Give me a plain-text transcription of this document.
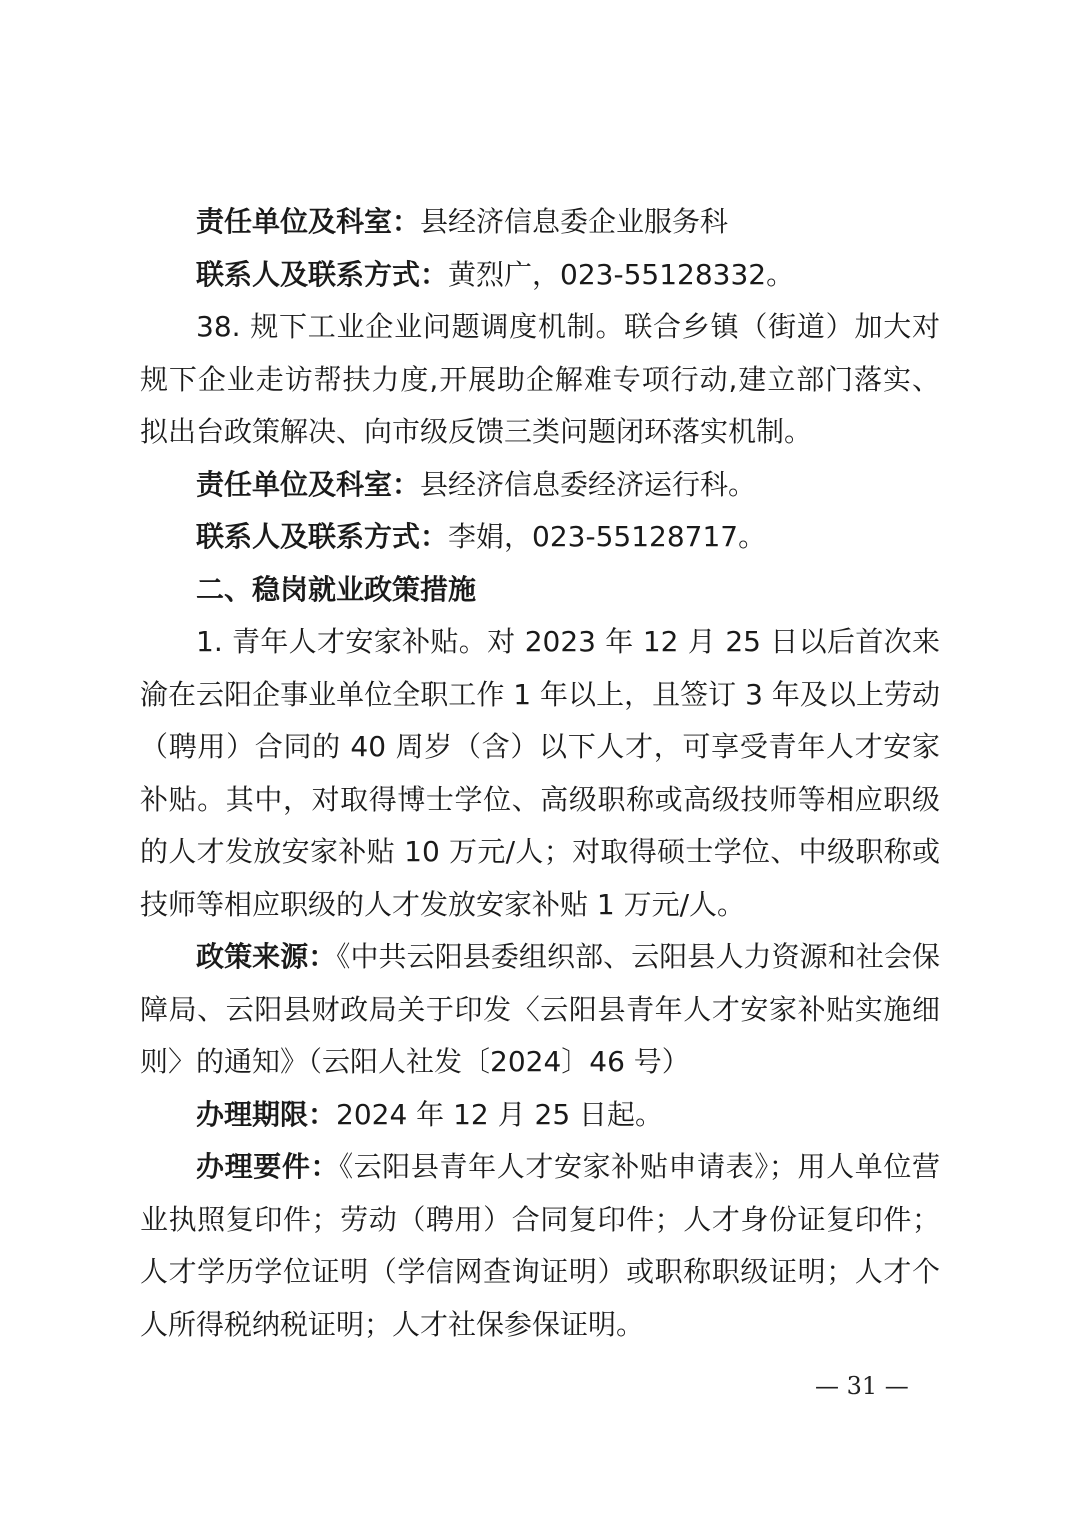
责任单位及科室：县经济信息委企业服务科

联系人及联系方式：黄烈广，023-55128332。

38. 规下工业企业问题调度机制。联合乡镇（街道）加大对规下企业走访帮扶力度,开展助企解难专项行动,建立部门落实、拟出台政策解决、向市级反馈三类问题闭环落实机制。

责任单位及科室：县经济信息委经济运行科。

联系人及联系方式：李娟，023-55128717。

二、稳岗就业政策措施

1. 青年人才安家补贴。对 2023 年 12 月 25 日以后首次来渝在云阳企事业单位全职工作 1 年以上，且签订 3 年及以上劳动（聘用）合同的 40 周岁（含）以下人才，可享受青年人才安家补贴。其中，对取得博士学位、高级职称或高级技师等相应职级的人才发放安家补贴 10 万元/人；对取得硕士学位、中级职称或技师等相应职级的人才发放安家补贴 1 万元/人。

政策来源：《中共云阳县委组织部、云阳县人力资源和社会保障局、云阳县财政局关于印发〈云阳县青年人才安家补贴实施细则〉的通知》（云阳人社发〔2024〕46 号）

办理期限：2024 年 12 月 25 日起。

办理要件：《云阳县青年人才安家补贴申请表》；用人单位营业执照复印件；劳动（聘用）合同复印件；人才身份证复印件；人才学历学位证明（学信网查询证明）或职称职级证明；人才个人所得税纳税证明；人才社保参保证明。

— 31 —
